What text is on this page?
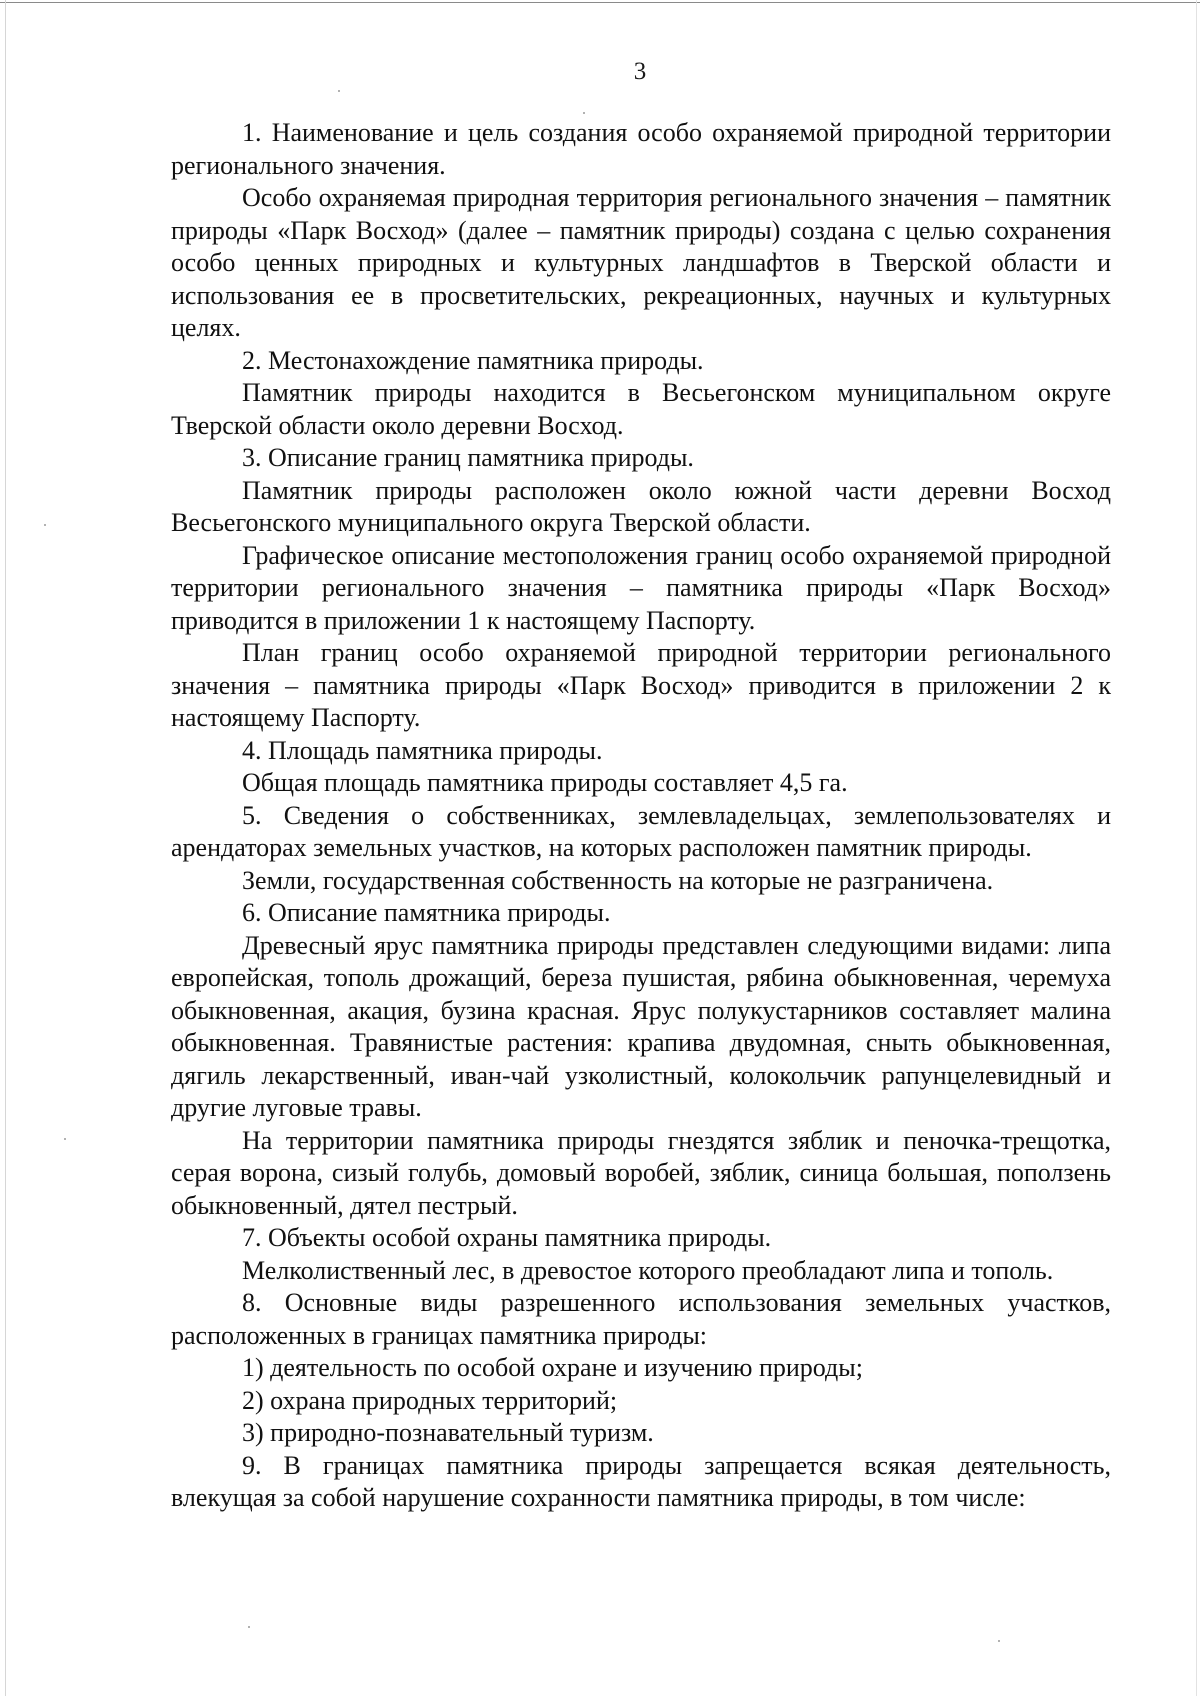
3

1. Наименование и цель создания особо охраняемой природной территории регионального значения.

Особо охраняемая природная территория регионального значения – памятник природы «Парк Восход» (далее – памятник природы) создана с целью сохранения особо ценных природных и культурных ландшафтов в Тверской области и использования ее в просветительских, рекреационных, научных и культурных целях.

2. Местонахождение памятника природы.

Памятник природы находится в Весьегонском муниципальном округе Тверской области около деревни Восход.

3. Описание границ памятника природы.

Памятник природы расположен около южной части деревни Восход Весьегонского муниципального округа Тверской области.

Графическое описание местоположения границ особо охраняемой природной территории регионального значения – памятника природы «Парк Восход» приводится в приложении 1 к настоящему Паспорту.

План границ особо охраняемой природной территории регионального значения – памятника природы «Парк Восход» приводится в приложении 2 к настоящему Паспорту.

4. Площадь памятника природы.

Общая площадь памятника природы составляет 4,5 га.

5. Сведения о собственниках, землевладельцах, землепользователях и арендаторах земельных участков, на которых расположен памятник природы.

Земли, государственная собственность на которые не разграничена.

6. Описание памятника природы.

Древесный ярус памятника природы представлен следующими видами: липа европейская, тополь дрожащий, береза пушистая, рябина обыкновенная, черемуха обыкновенная, акация, бузина красная. Ярус полукустарников составляет малина обыкновенная. Травянистые растения: крапива двудомная, сныть обыкновенная, дягиль лекарственный, иван-чай узколистный, колокольчик рапунцелевидный и другие луговые травы.

На территории памятника природы гнездятся зяблик и пеночка-трещотка, серая ворона, сизый голубь, домовый воробей, зяблик, синица большая, поползень обыкновенный, дятел пестрый.

7. Объекты особой охраны памятника природы.

Мелколиственный лес, в древостое которого преобладают липа и тополь.

8. Основные виды разрешенного использования земельных участков, расположенных в границах памятника природы:

1) деятельность по особой охране и изучению природы;

2) охрана природных территорий;

3) природно-познавательный туризм.

9. В границах памятника природы запрещается всякая деятельность, влекущая за собой нарушение сохранности памятника природы, в том числе:
